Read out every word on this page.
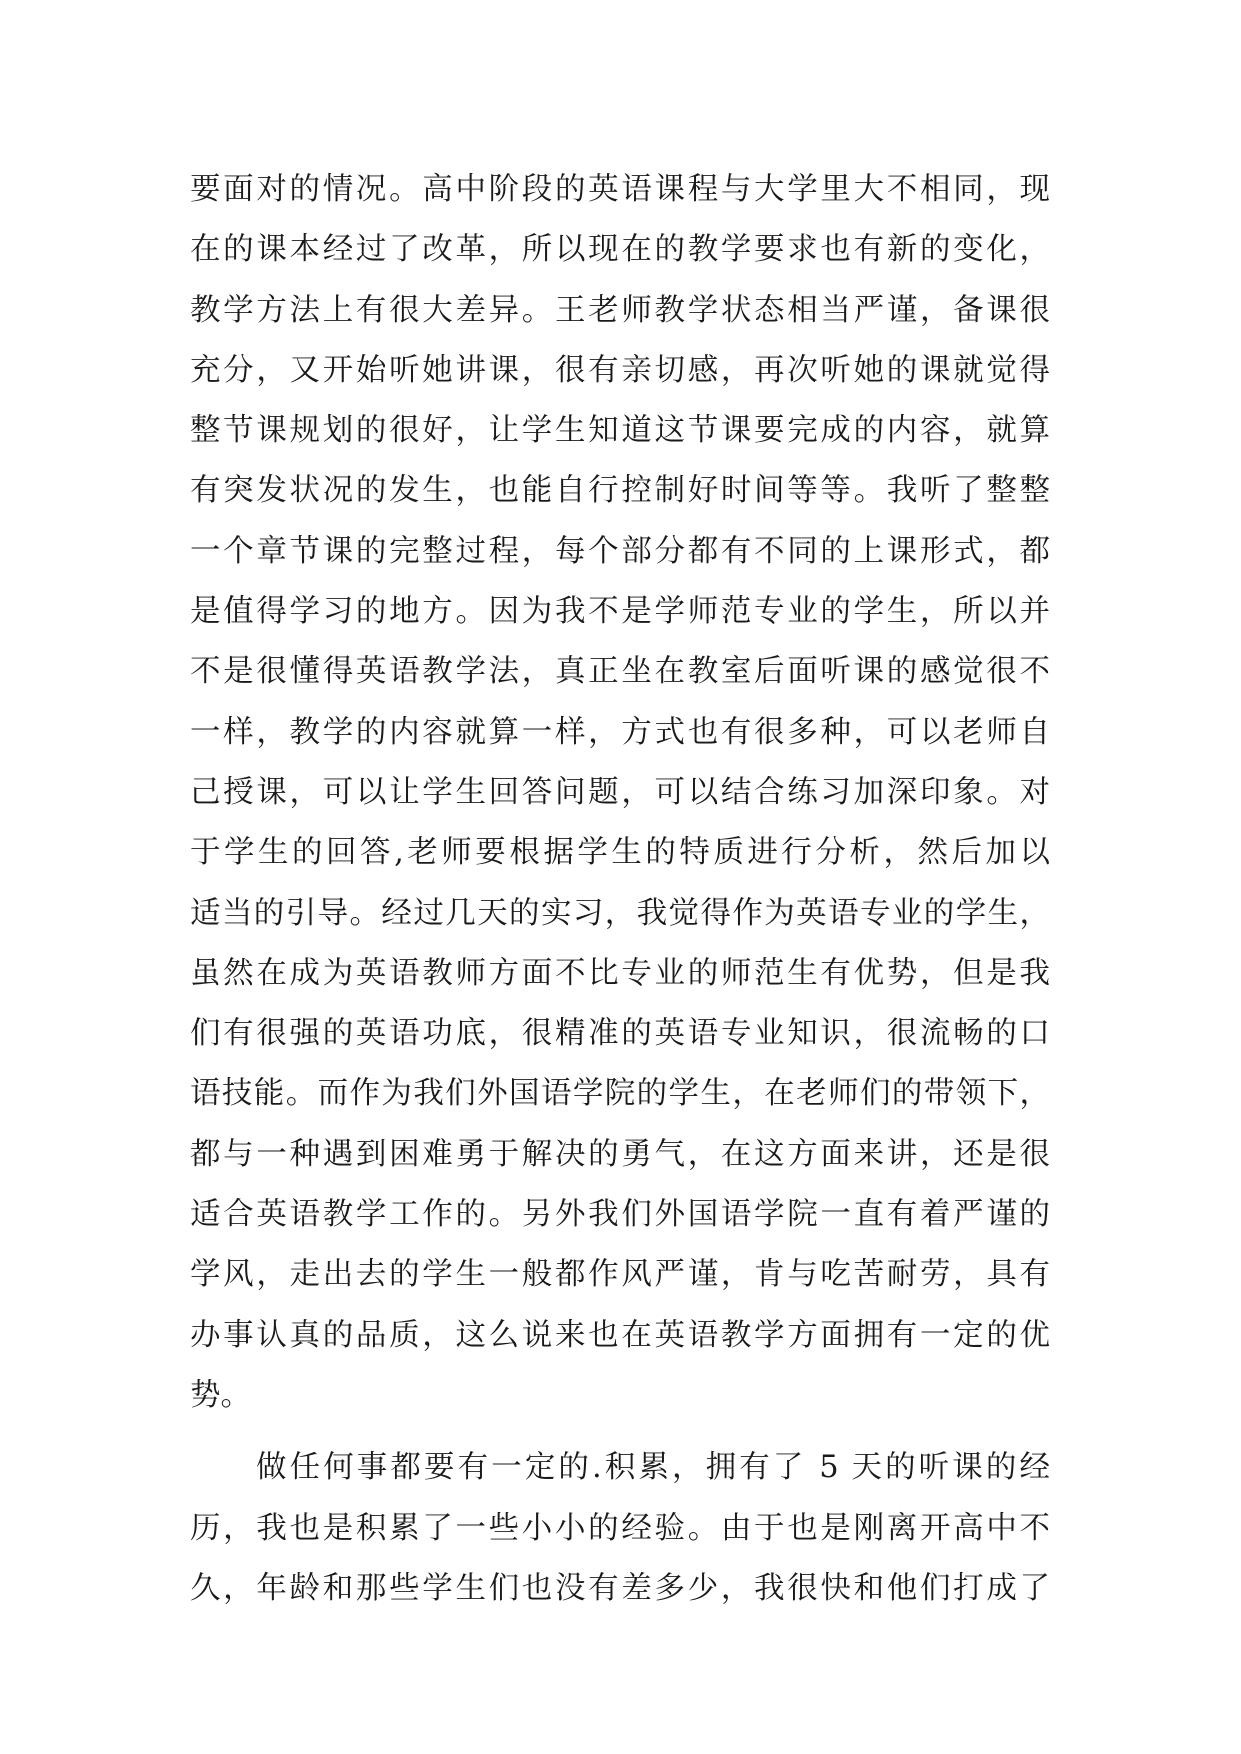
要面对的情况。高中阶段的英语课程与大学里大不相同，现
在的课本经过了改革，所以现在的教学要求也有新的变化，
教学方法上有很大差异。王老师教学状态相当严谨，备课很
充分，又开始听她讲课，很有亲切感，再次听她的课就觉得
整节课规划的很好，让学生知道这节课要完成的内容，就算
有突发状况的发生，也能自行控制好时间等等。我听了整整
一个章节课的完整过程，每个部分都有不同的上课形式，都
是值得学习的地方。因为我不是学师范专业的学生，所以并
不是很懂得英语教学法，真正坐在教室后面听课的感觉很不
一样，教学的内容就算一样，方式也有很多种，可以老师自
己授课，可以让学生回答问题，可以结合练习加深印象。对
于学生的回答,老师要根据学生的特质进行分析，然后加以
适当的引导。经过几天的实习，我觉得作为英语专业的学生，
虽然在成为英语教师方面不比专业的师范生有优势，但是我
们有很强的英语功底，很精准的英语专业知识，很流畅的口
语技能。而作为我们外国语学院的学生，在老师们的带领下，
都与一种遇到困难勇于解决的勇气，在这方面来讲，还是很
适合英语教学工作的。另外我们外国语学院一直有着严谨的
学风，走出去的学生一般都作风严谨，肯与吃苦耐劳，具有
办事认真的品质，这么说来也在英语教学方面拥有一定的优
势。
做任何事都要有一定的.积累，拥有了 5 天的听课的经
历，我也是积累了一些小小的经验。由于也是刚离开高中不
久，年龄和那些学生们也没有差多少，我很快和他们打成了
